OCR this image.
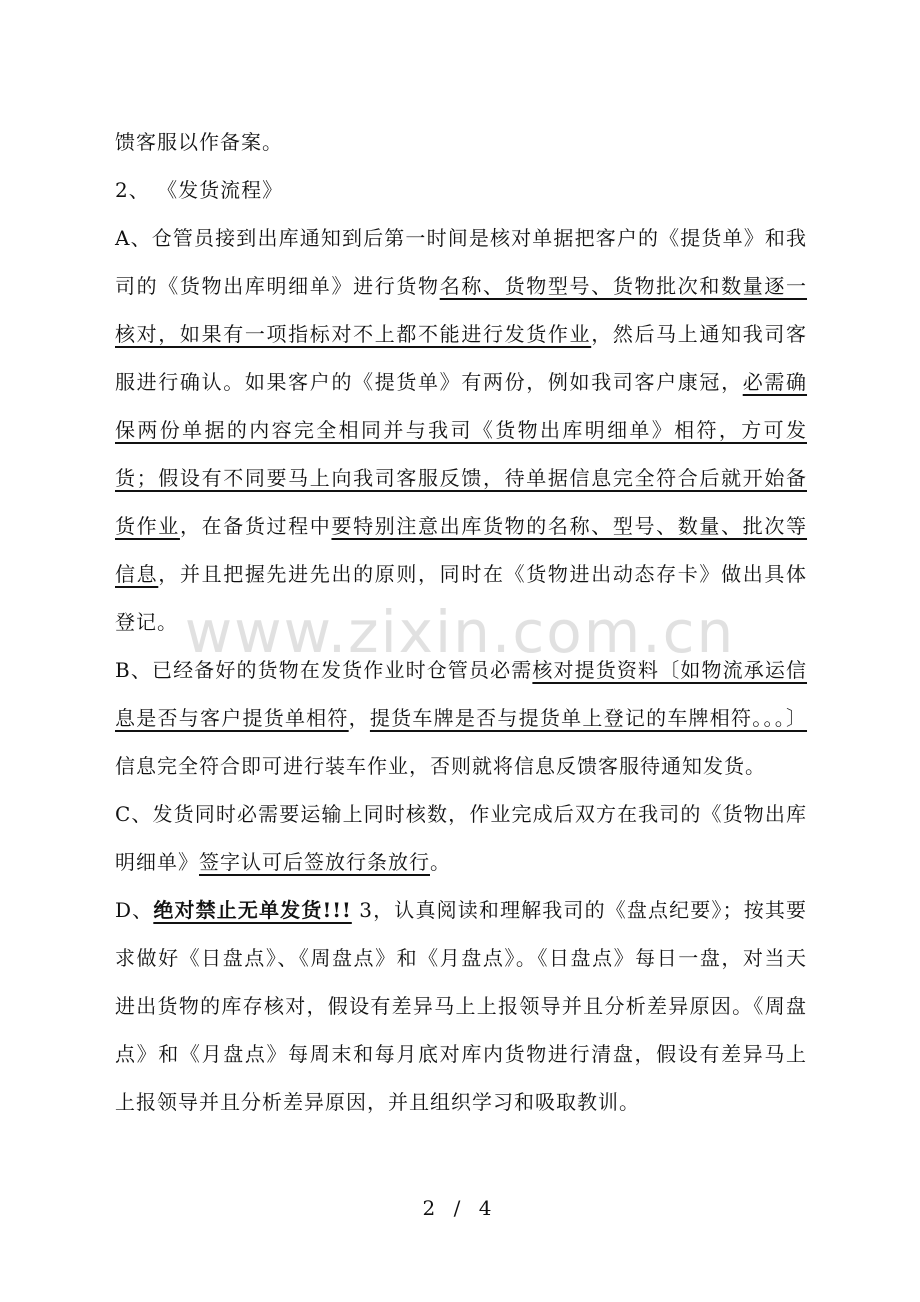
馈客服以作备案。

2、 《发货流程》

A、仓管员接到出库通知到后第一时间是核对单据把客户的《提货单》和我司的《货物出库明细单》进行货物名称、货物型号、货物批次和数量逐一核对，如果有一项指标对不上都不能进行发货作业，然后马上通知我司客服进行确认。如果客户的《提货单》有两份，例如我司客户康冠，必需确保两份单据的内容完全相同并与我司《货物出库明细单》相符，方可发货；假设有不同要马上向我司客服反馈，待单据信息完全符合后就开始备货作业，在备货过程中要特别注意出库货物的名称、型号、数量、批次等信息，并且把握先进先出的原则，同时在《货物进出动态存卡》做出具体登记。

B、已经备好的货物在发货作业时仓管员必需核对提货资料〔如物流承运信息是否与客户提货单相符，提货车牌是否与提货单上登记的车牌相符。。。〕信息完全符合即可进行装车作业，否则就将信息反馈客服待通知发货。

C、发货同时必需要运输上同时核数，作业完成后双方在我司的《货物出库明细单》签字认可后签放行条放行。

D、绝对禁止无单发货!!! 3，认真阅读和理解我司的《盘点纪要》；按其要求做好《日盘点》、《周盘点》和《月盘点》。《日盘点》每日一盘，对当天进出货物的库存核对，假设有差异马上上报领导并且分析差异原因。《周盘点》和《月盘点》每周末和每月底对库内货物进行清盘，假设有差异马上上报领导并且分析差异原因，并且组织学习和吸取教训。

www.zixin.com.cn
2 / 4
